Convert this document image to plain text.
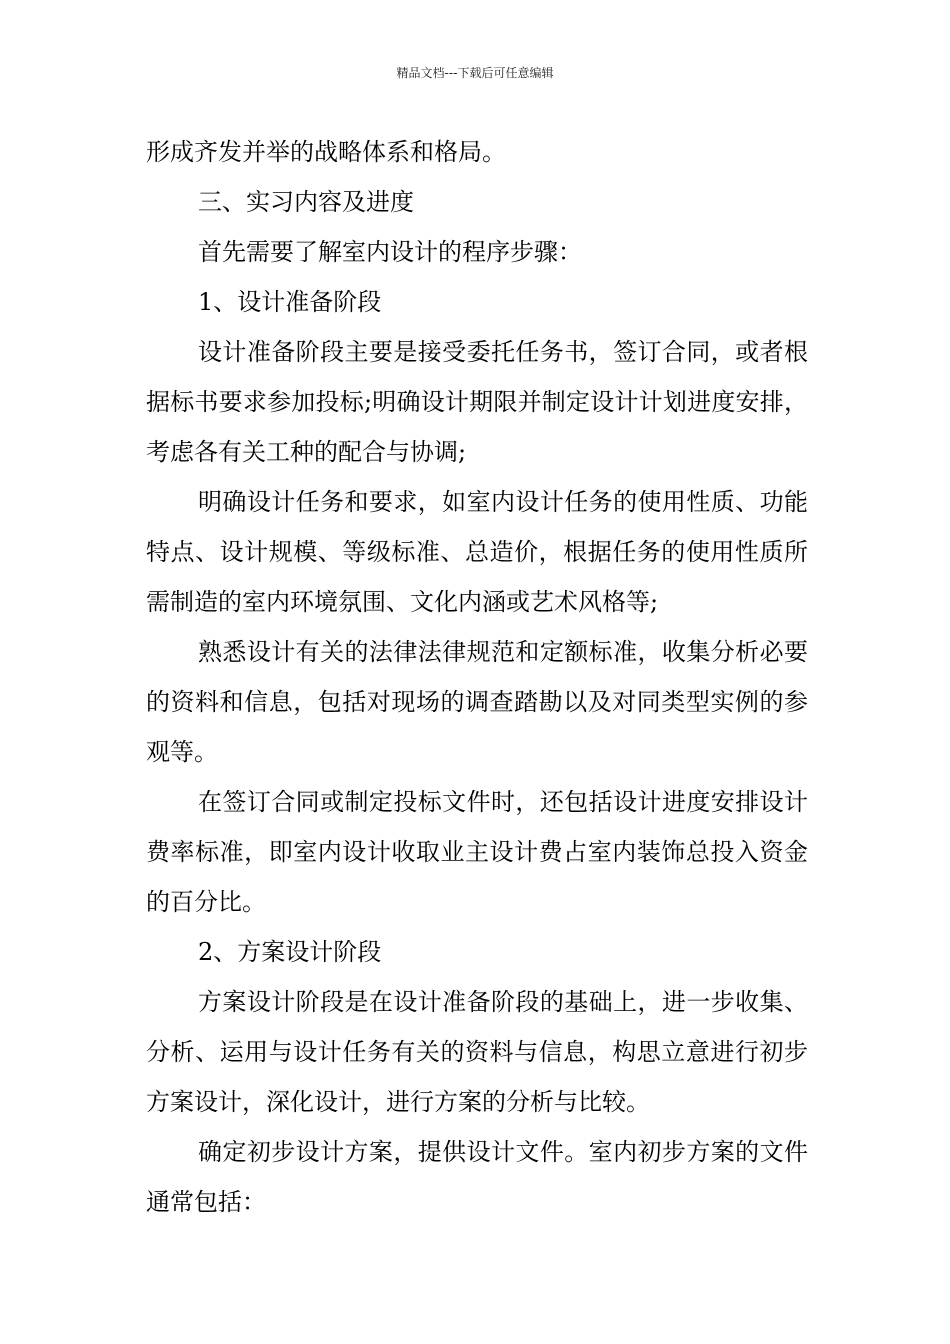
精品文档---下载后可任意编辑

形成齐发并举的战略体系和格局。

三、实习内容及进度

首先需要了解室内设计的程序步骤：

1、设计准备阶段

设计准备阶段主要是接受委托任务书，签订合同，或者根据标书要求参加投标;明确设计期限并制定设计计划进度安排，考虑各有关工种的配合与协调;

明确设计任务和要求，如室内设计任务的使用性质、功能特点、设计规模、等级标准、总造价，根据任务的使用性质所需制造的室内环境氛围、文化内涵或艺术风格等;

熟悉设计有关的法律法律规范和定额标准，收集分析必要的资料和信息，包括对现场的调查踏勘以及对同类型实例的参观等。

在签订合同或制定投标文件时，还包括设计进度安排设计费率标准，即室内设计收取业主设计费占室内装饰总投入资金的百分比。

2、方案设计阶段

方案设计阶段是在设计准备阶段的基础上，进一步收集、分析、运用与设计任务有关的资料与信息，构思立意进行初步方案设计，深化设计，进行方案的分析与比较。

确定初步设计方案，提供设计文件。室内初步方案的文件通常包括：
